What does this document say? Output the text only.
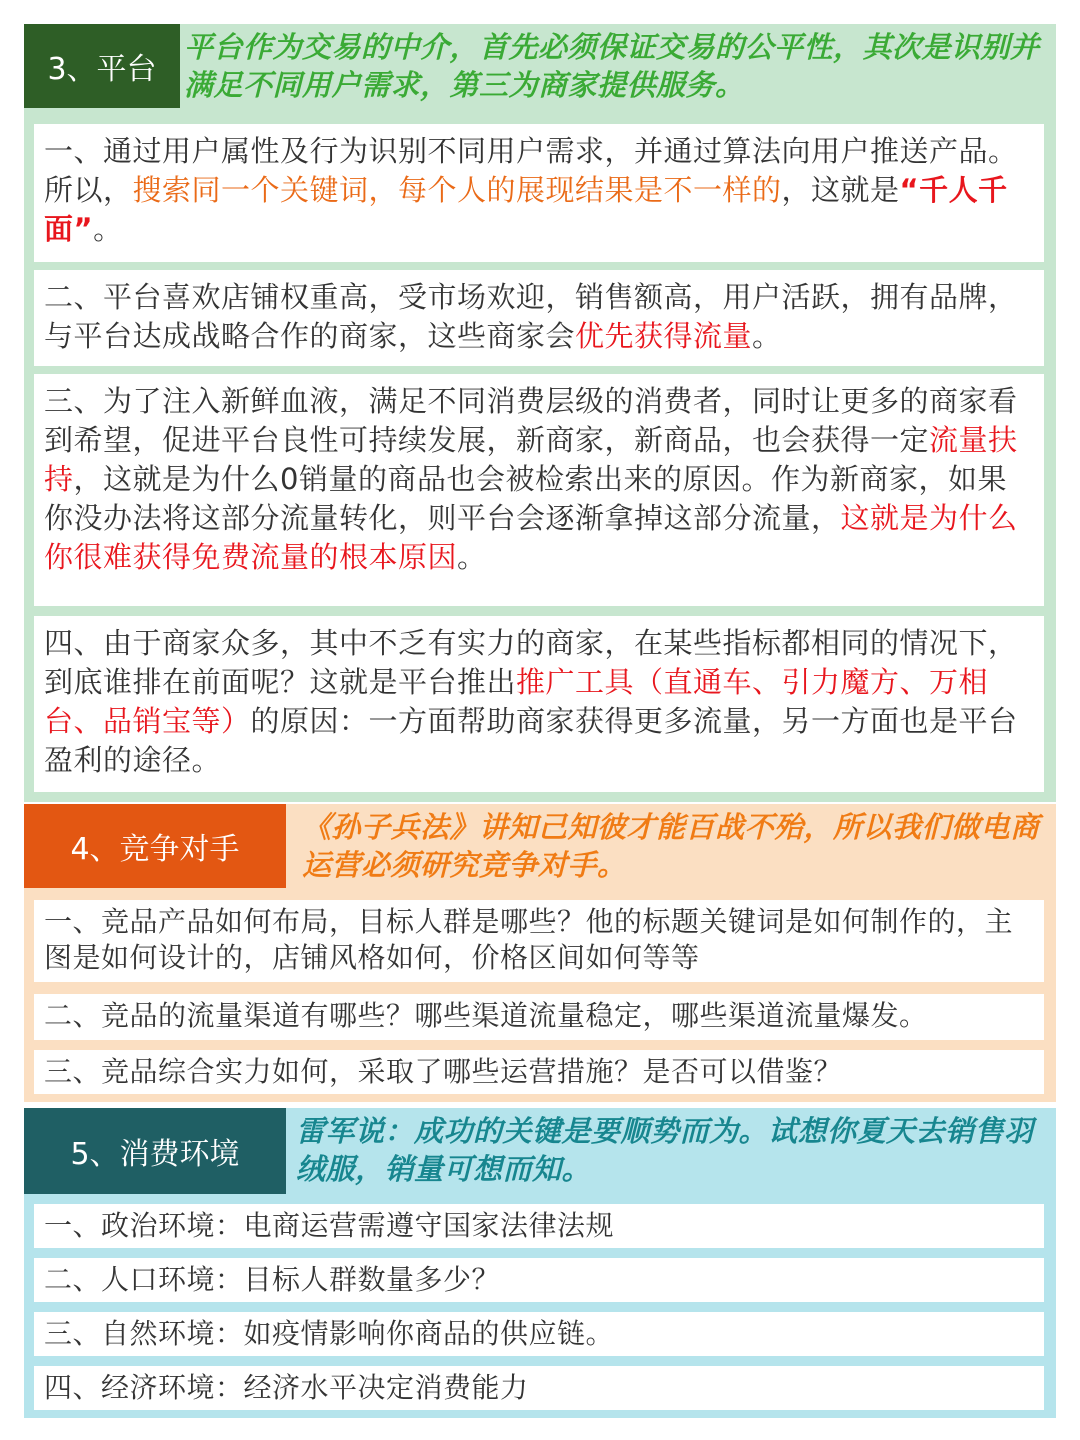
3、平台
平台作为交易的中介，首先必须保证交易的公平性，其次是识别并满足不同用户需求，第三为商家提供服务。
一、通过用户属性及行为识别不同用户需求，并通过算法向用户推送产品。所以，搜索同一个关键词，每个人的展现结果是不一样的，这就是“千人千面”。
二、平台喜欢店铺权重高，受市场欢迎，销售额高，用户活跃，拥有品牌，与平台达成战略合作的商家，这些商家会优先获得流量。
三、为了注入新鲜血液，满足不同消费层级的消费者，同时让更多的商家看到希望，促进平台良性可持续发展，新商家，新商品，也会获得一定流量扶持，这就是为什么0销量的商品也会被检索出来的原因。作为新商家，如果你没办法将这部分流量转化，则平台会逐渐拿掉这部分流量，这就是为什么你很难获得免费流量的根本原因。
四、由于商家众多，其中不乏有实力的商家，在某些指标都相同的情况下，到底谁排在前面呢？这就是平台推出推广工具（直通车、引力魔方、万相台、品销宝等）的原因：一方面帮助商家获得更多流量，另一方面也是平台盈利的途径。
4、竞争对手
《孙子兵法》讲知己知彼才能百战不殆，所以我们做电商运营必须研究竞争对手。
一、竞品产品如何布局，目标人群是哪些？他的标题关键词是如何制作的，主图是如何设计的，店铺风格如何，价格区间如何等等
二、竞品的流量渠道有哪些？哪些渠道流量稳定，哪些渠道流量爆发。
三、竞品综合实力如何，采取了哪些运营措施？是否可以借鉴？
5、消费环境
雷军说：成功的关键是要顺势而为。试想你夏天去销售羽绒服，销量可想而知。
一、政治环境：电商运营需遵守国家法律法规
二、人口环境：目标人群数量多少？
三、自然环境：如疫情影响你商品的供应链。
四、经济环境：经济水平决定消费能力
